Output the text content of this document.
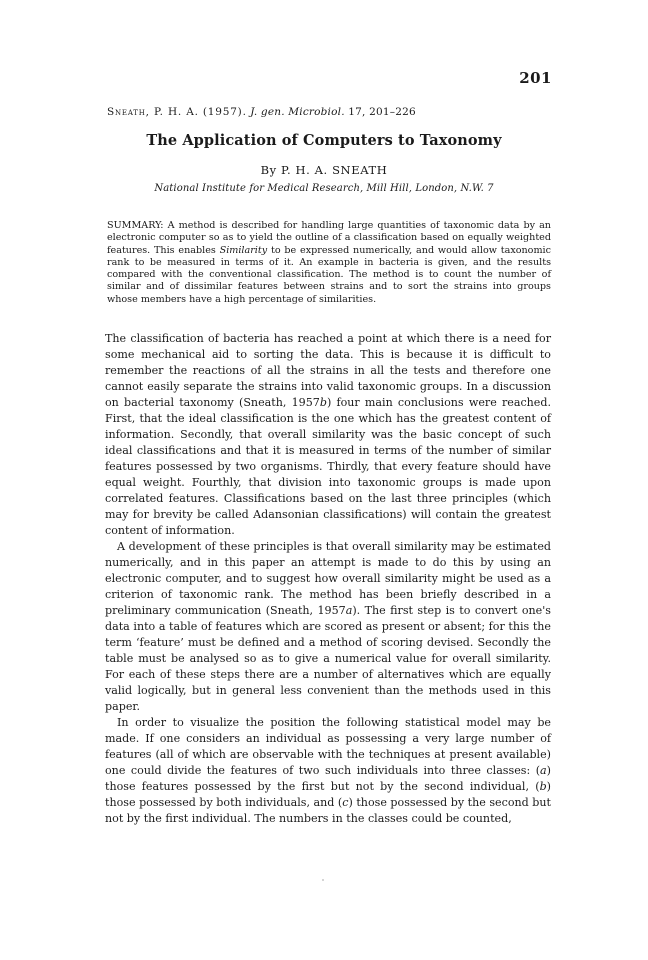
201
Sneath, P. H. A. (1957). J. gen. Microbiol. 17, 201–226
The Application of Computers to Taxonomy
By P. H. A. SNEATH
National Institute for Medical Research, Mill Hill, London, N.W. 7
SUMMARY: A method is described for handling large quantities of taxonomic data by an electronic computer so as to yield the outline of a classification based on equally weighted features. This enables Similarity to be expressed numerically, and would allow taxonomic rank to be measured in terms of it. An example in bacteria is given, and the results compared with the conventional classification. The method is to count the number of similar and of dissimilar features between strains and to sort the strains into groups whose members have a high percentage of similarities.

The classification of bacteria has reached a point at which there is a need for some mechanical aid to sorting the data. This is because it is difficult to remember the reactions of all the strains in all the tests and therefore one cannot easily separate the strains into valid taxonomic groups. In a discussion on bacterial taxonomy (Sneath, 1957b) four main conclusions were reached. First, that the ideal classification is the one which has the greatest content of information. Secondly, that overall similarity was the basic concept of such ideal classifications and that it is measured in terms of the number of similar features possessed by two organisms. Thirdly, that every feature should have equal weight. Fourthly, that division into taxonomic groups is made upon correlated features. Classifications based on the last three principles (which may for brevity be called Adansonian classifications) will contain the greatest content of information.

A development of these principles is that overall similarity may be estimated numerically, and in this paper an attempt is made to do this by using an electronic computer, and to suggest how overall similarity might be used as a criterion of taxonomic rank. The method has been briefly described in a preliminary communication (Sneath, 1957a). The first step is to convert one's data into a table of features which are scored as present or absent; for this the term ‘feature’ must be defined and a method of scoring devised. Secondly the table must be analysed so as to give a numerical value for overall similarity. For each of these steps there are a number of alternatives which are equally valid logically, but in general less convenient than the methods used in this paper.

In order to visualize the position the following statistical model may be made. If one considers an individual as possessing a very large number of features (all of which are observable with the techniques at present available) one could divide the features of two such individuals into three classes: (a) those features possessed by the first but not by the second individual, (b) those possessed by both individuals, and (c) those possessed by the second but not by the first individual. The numbers in the classes could be counted,
